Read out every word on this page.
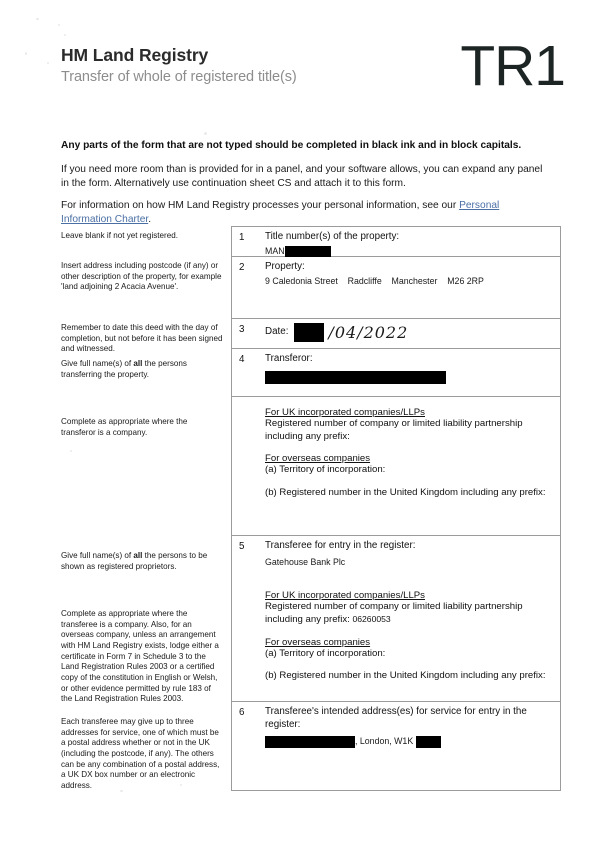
HM Land Registry
Transfer of whole of registered title(s)	TR1
Any parts of the form that are not typed should be completed in black ink and in block capitals.
If you need more room than is provided for in a panel, and your software allows, you can expand any panel in the form. Alternatively use continuation sheet CS and attach it to this form.
For information on how HM Land Registry processes your personal information, see our Personal Information Charter.
Leave blank if not yet registered.
Insert address including postcode (if any) or other description of the property, for example 'land adjoining 2 Acacia Avenue'.
Remember to date this deed with the day of completion, but not before it has been signed and witnessed.
Give full name(s) of all the persons transferring the property.
Complete as appropriate where the transferor is a company.
Give full name(s) of all the persons to be shown as registered proprietors.
Complete as appropriate where the transferee is a company. Also, for an overseas company, unless an arrangement with HM Land Registry exists, lodge either a certificate in Form 7 in Schedule 3 to the Land Registration Rules 2003 or a certified copy of the constitution in English or Welsh, or other evidence permitted by rule 183 of the Land Registration Rules 2003.
Each transferee may give up to three addresses for service, one of which must be a postal address whether or not in the UK (including the postcode, if any). The others can be any combination of a postal address, a UK DX box number or an electronic address.
1 Title number(s) of the property:
MAN
2 Property:
9 Caledonia Street    Radcliffe    Manchester    M26 2RP
3 Date:	/04/2022
4 Transferor:
For UK incorporated companies/LLPs
Registered number of company or limited liability partnership including any prefix:
For overseas companies
(a) Territory of incorporation:
(b) Registered number in the United Kingdom including any prefix:
5 Transferee for entry in the register:
Gatehouse Bank Plc
For UK incorporated companies/LLPs
Registered number of company or limited liability partnership including any prefix: 06260053
For overseas companies
(a) Territory of incorporation:
(b) Registered number in the United Kingdom including any prefix:
6 Transferee's intended address(es) for service for entry in the register:
, London, W1K
